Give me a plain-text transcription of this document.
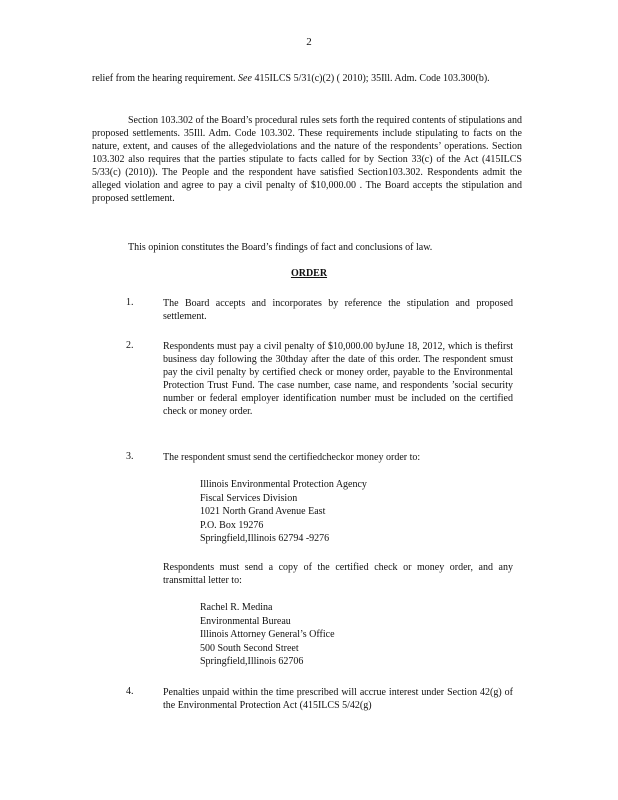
2
relief from the hearing requirement. See 415ILCS 5/31(c)(2) ( 2010); 35Ill. Adm. Code 103.300(b).
Section 103.302 of the Board’s procedural rules sets forth the required contents of stipulations and proposed settlements. 35Ill. Adm. Code 103.302. These requirements include stipulating to facts on the nature, extent, and causes of the allegedviolations and the nature of the respondents’ operations. Section 103.302 also requires that the parties stipulate to facts called for by Section 33(c) of the Act (415ILCS 5/33(c) (2010)). The People and the respondent have satisfied Section103.302. Respondents admit the alleged violation and agree to pay a civil penalty of $10,000.00 . The Board accepts the stipulation and proposed settlement.
This opinion constitutes the Board’s findings of fact and conclusions of law.
ORDER
1.	The Board accepts and incorporates by reference the stipulation and proposed settlement.
2.	Respondents must pay a civil penalty of $10,000.00 byJune 18, 2012, which is thefirst business day following the 30thday after the date of this order. The respondent smust pay the civil penalty by certified check or money order, payable to the Environmental Protection Trust Fund. The case number, case name, and respondents ’social security number or federal employer identification number must be included on the certified check or money order.
3.	The respondent smust send the certifiedcheckor money order to:
Illinois Environmental Protection Agency
Fiscal Services Division
1021 North Grand Avenue East
P.O. Box 19276
Springfield,Illinois 62794 -9276
Respondents must send a copy of the certified check or money order, and any transmittal letter to:
Rachel R. Medina
Environmental Bureau
Illinois Attorney General’s Office
500 South Second Street
Springfield,Illinois 62706
4.	Penalties unpaid within the time prescribed will accrue interest under Section 42(g) of the Environmental Protection Act (415ILCS 5/42(g)
